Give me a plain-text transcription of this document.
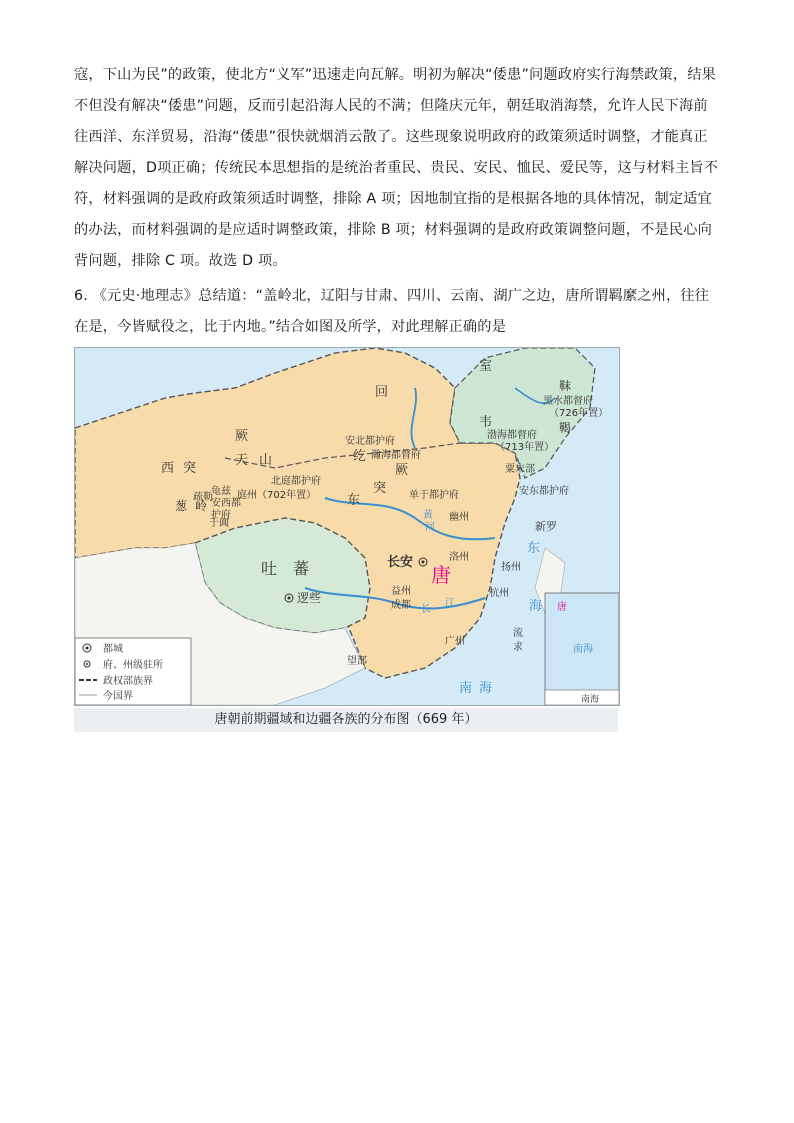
寇，下山为民”的政策，使北方“义军”迅速走向瓦解。明初为解决“倭患”问题政府实行海禁政策，结果不但没有解决“倭患”问题，反而引起沿海人民的不满；但隆庆元年，朝廷取消海禁，允许人民下海前往西洋、东洋贸易，沿海“倭患”很快就烟消云散了。这些现象说明政府的政策须适时调整，才能真正解决问题，D项正确；传统民本思想指的是统治者重民、贵民、安民、恤民、爱民等，这与材料主旨不符，材料强调的是政府政策须适时调整，排除 A 项；因地制宜指的是根据各地的具体情况，制定适宜的办法，而材料强调的是应适时调整政策，排除 B 项；材料强调的是政府政策调整问题，不是民心向背问题，排除 C 项。故选 D 项。
6. 《元史·地理志》总结道：“盖岭北，辽阳与甘肃、四川、云南、湖广之边，唐所谓羁縻之州，往往在是，今皆赋役之，比于内地。”结合如图及所学，对此理解正确的是
都城
府、州级驻所
政权部族界
今国界
室
韦
靺
鞨
黑水都督府
（726年置）
渤海都督府
（713年置）
回
纥
安北都护府
瀚海都督府
东
突
厥
西 突
厥
天 山
北庭都护府
庭州（702年置）
龟兹
安西都
护府
于阗
疏勒
葱 岭
单于都护府
幽州
安东都护府
粟末部
新罗
吐 蕃
逻些
长安
唐
洛州
扬州
杭州
益州
成都
广州
流
求
东
海
南 海
唐
南海
南海
望部
黄
河
长
江
唐朝前期疆域和边疆各族的分布图（669 年）
